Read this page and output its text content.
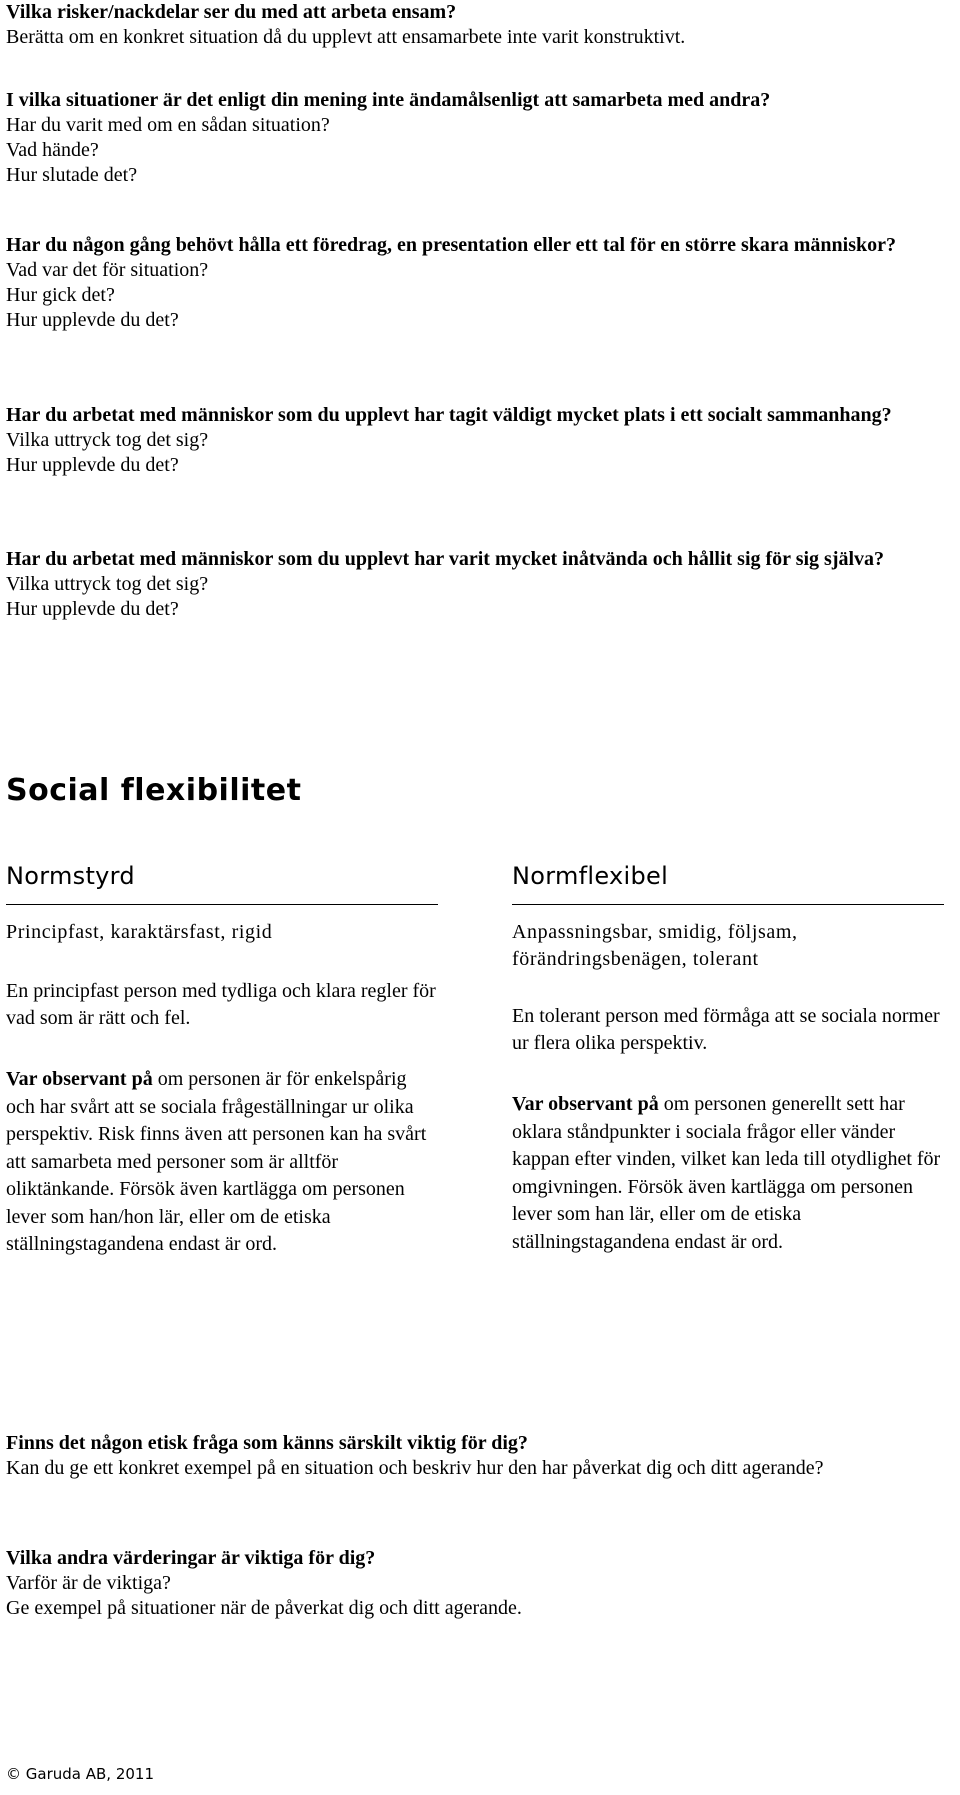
Vilka risker/nackdelar ser du med att arbeta ensam?

Berätta om en konkret situation då du upplevt att ensamarbete inte varit konstruktivt.

I vilka situationer är det enligt din mening inte ändamålsenligt att samarbeta med andra?

Har du varit med om en sådan situation?

Vad hände?

Hur slutade det?

Har du någon gång behövt hålla ett föredrag, en presentation eller ett tal för en större skara människor?

Vad var det för situation?

Hur gick det?

Hur upplevde du det?

Har du arbetat med människor som du upplevt har tagit väldigt mycket plats i ett socialt sammanhang?

Vilka uttryck tog det sig?

Hur upplevde du det?

Har du arbetat med människor som du upplevt har varit mycket inåtvända och hållit sig för sig själva?

Vilka uttryck tog det sig?

Hur upplevde du det?

Social flexibilitet
Normstyrd

Principfast, karaktärsfast, rigid

En principfast person med tydliga och klara regler för vad som är rätt och fel.

Var observant på om personen är för enkelspårig och har svårt att se sociala frågeställningar ur olika perspektiv. Risk finns även att personen kan ha svårt att samarbeta med personer som är alltför oliktänkande. Försök även kartlägga om personen lever som han/hon lär, eller om de etiska ställningstagandena endast är ord.

Normflexibel

Anpassningsbar, smidig, följsam, förändringsbenägen, tolerant

En tolerant person med förmåga att se sociala normer ur flera olika perspektiv.

Var observant på om personen generellt sett har oklara ståndpunkter i sociala frågor eller vänder kappan efter vinden, vilket kan leda till otydlighet för omgivningen. Försök även kartlägga om personen lever som han lär, eller om de etiska ställningstagandena endast är ord.

Finns det någon etisk fråga som känns särskilt viktig för dig?

Kan du ge ett konkret exempel på en situation och beskriv hur den har påverkat dig och ditt agerande?

Vilka andra värderingar är viktiga för dig?

Varför är de viktiga?

Ge exempel på situationer när de påverkat dig och ditt agerande.

© Garuda AB, 2011
